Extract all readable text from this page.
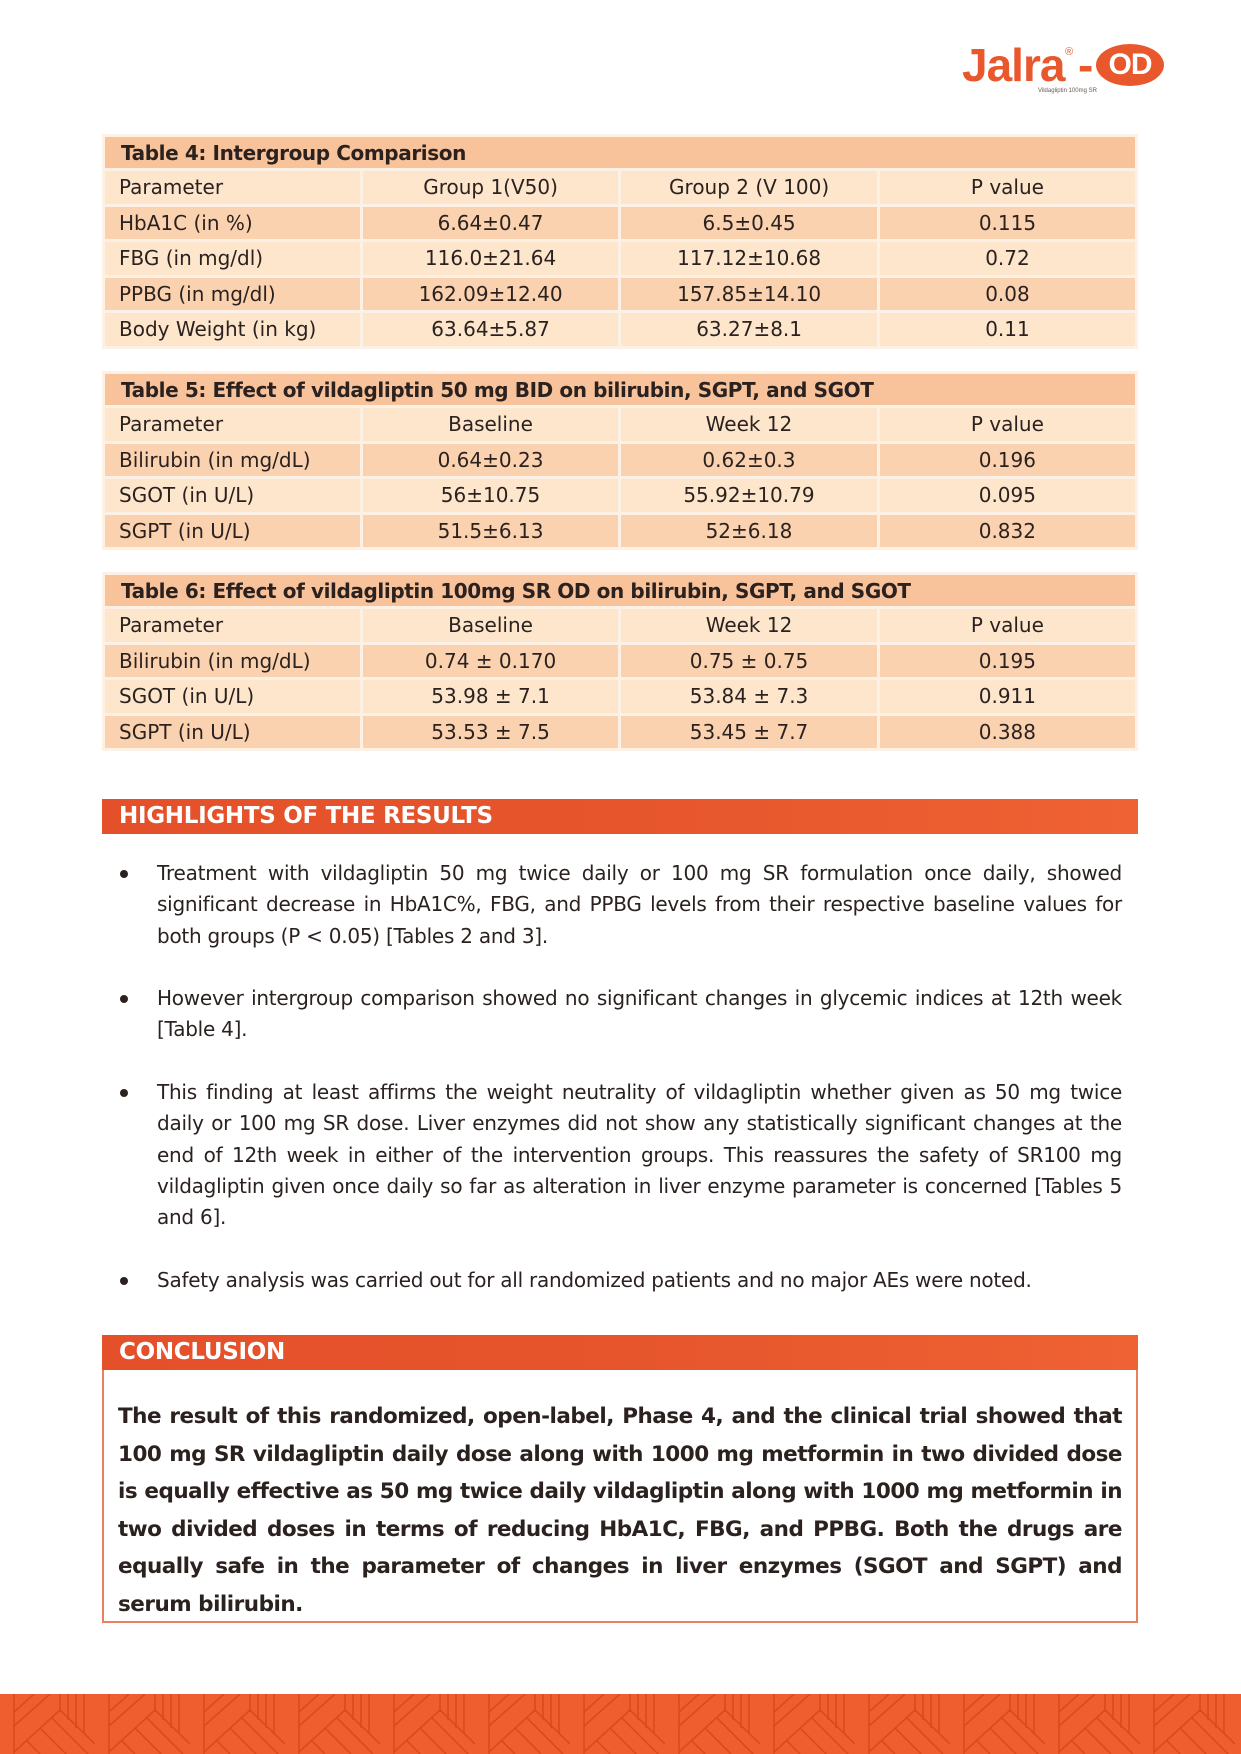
Jalra ® - OD
Vildagliptin 100mg SR
Table 4: Intergroup Comparison			
Parameter	Group 1(V50)	Group 2 (V 100)	P value
HbA1C (in %)	6.64±0.47	6.5±0.45	0.115
FBG (in mg/dl)	116.0±21.64	117.12±10.68	0.72
PPBG (in mg/dl)	162.09±12.40	157.85±14.10	0.08
Body Weight (in kg)	63.64±5.87	63.27±8.1	0.11
Table 5: Effect of vildagliptin 50 mg BID on bilirubin, SGPT, and SGOT			
Parameter	Baseline	Week 12	P value
Bilirubin (in mg/dL)	0.64±0.23	0.62±0.3	0.196
SGOT (in U/L)	56±10.75	55.92±10.79	0.095
SGPT (in U/L)	51.5±6.13	52±6.18	0.832
Table 6: Effect of vildagliptin 100mg SR OD on bilirubin, SGPT, and SGOT			
Parameter	Baseline	Week 12	P value
Bilirubin (in mg/dL)	0.74 ± 0.170	0.75 ± 0.75	0.195
SGOT (in U/L)	53.98 ± 7.1	53.84 ± 7.3	0.911
SGPT (in U/L)	53.53 ± 7.5	53.45 ± 7.7	0.388
HIGHLIGHTS OF THE RESULTS
Treatment with vildagliptin 50 mg twice daily or 100 mg SR formulation once daily, showed significant decrease in HbA1C%, FBG, and PPBG levels from their respective baseline values for both groups (P < 0.05) [Tables 2 and 3].
However intergroup comparison showed no significant changes in glycemic indices at 12th week [Table 4].
This finding at least affirms the weight neutrality of vildagliptin whether given as 50 mg twice daily or 100 mg SR dose. Liver enzymes did not show any statistically significant changes at the end of 12th week in either of the intervention groups. This reassures the safety of SR100 mg vildagliptin given once daily so far as alteration in liver enzyme parameter is concerned [Tables 5 and 6].
Safety analysis was carried out for all randomized patients and no major AEs were noted.
CONCLUSION

The result of this randomized, open-label, Phase 4, and the clinical trial showed that 100 mg SR vildagliptin daily dose along with 1000 mg metformin in two divided dose is equally effective as 50 mg twice daily vildagliptin along with 1000 mg metformin in two divided doses in terms of reducing HbA1C, FBG, and PPBG. Both the drugs are equally safe in the parameter of changes in liver enzymes (SGOT and SGPT) and serum bilirubin.
